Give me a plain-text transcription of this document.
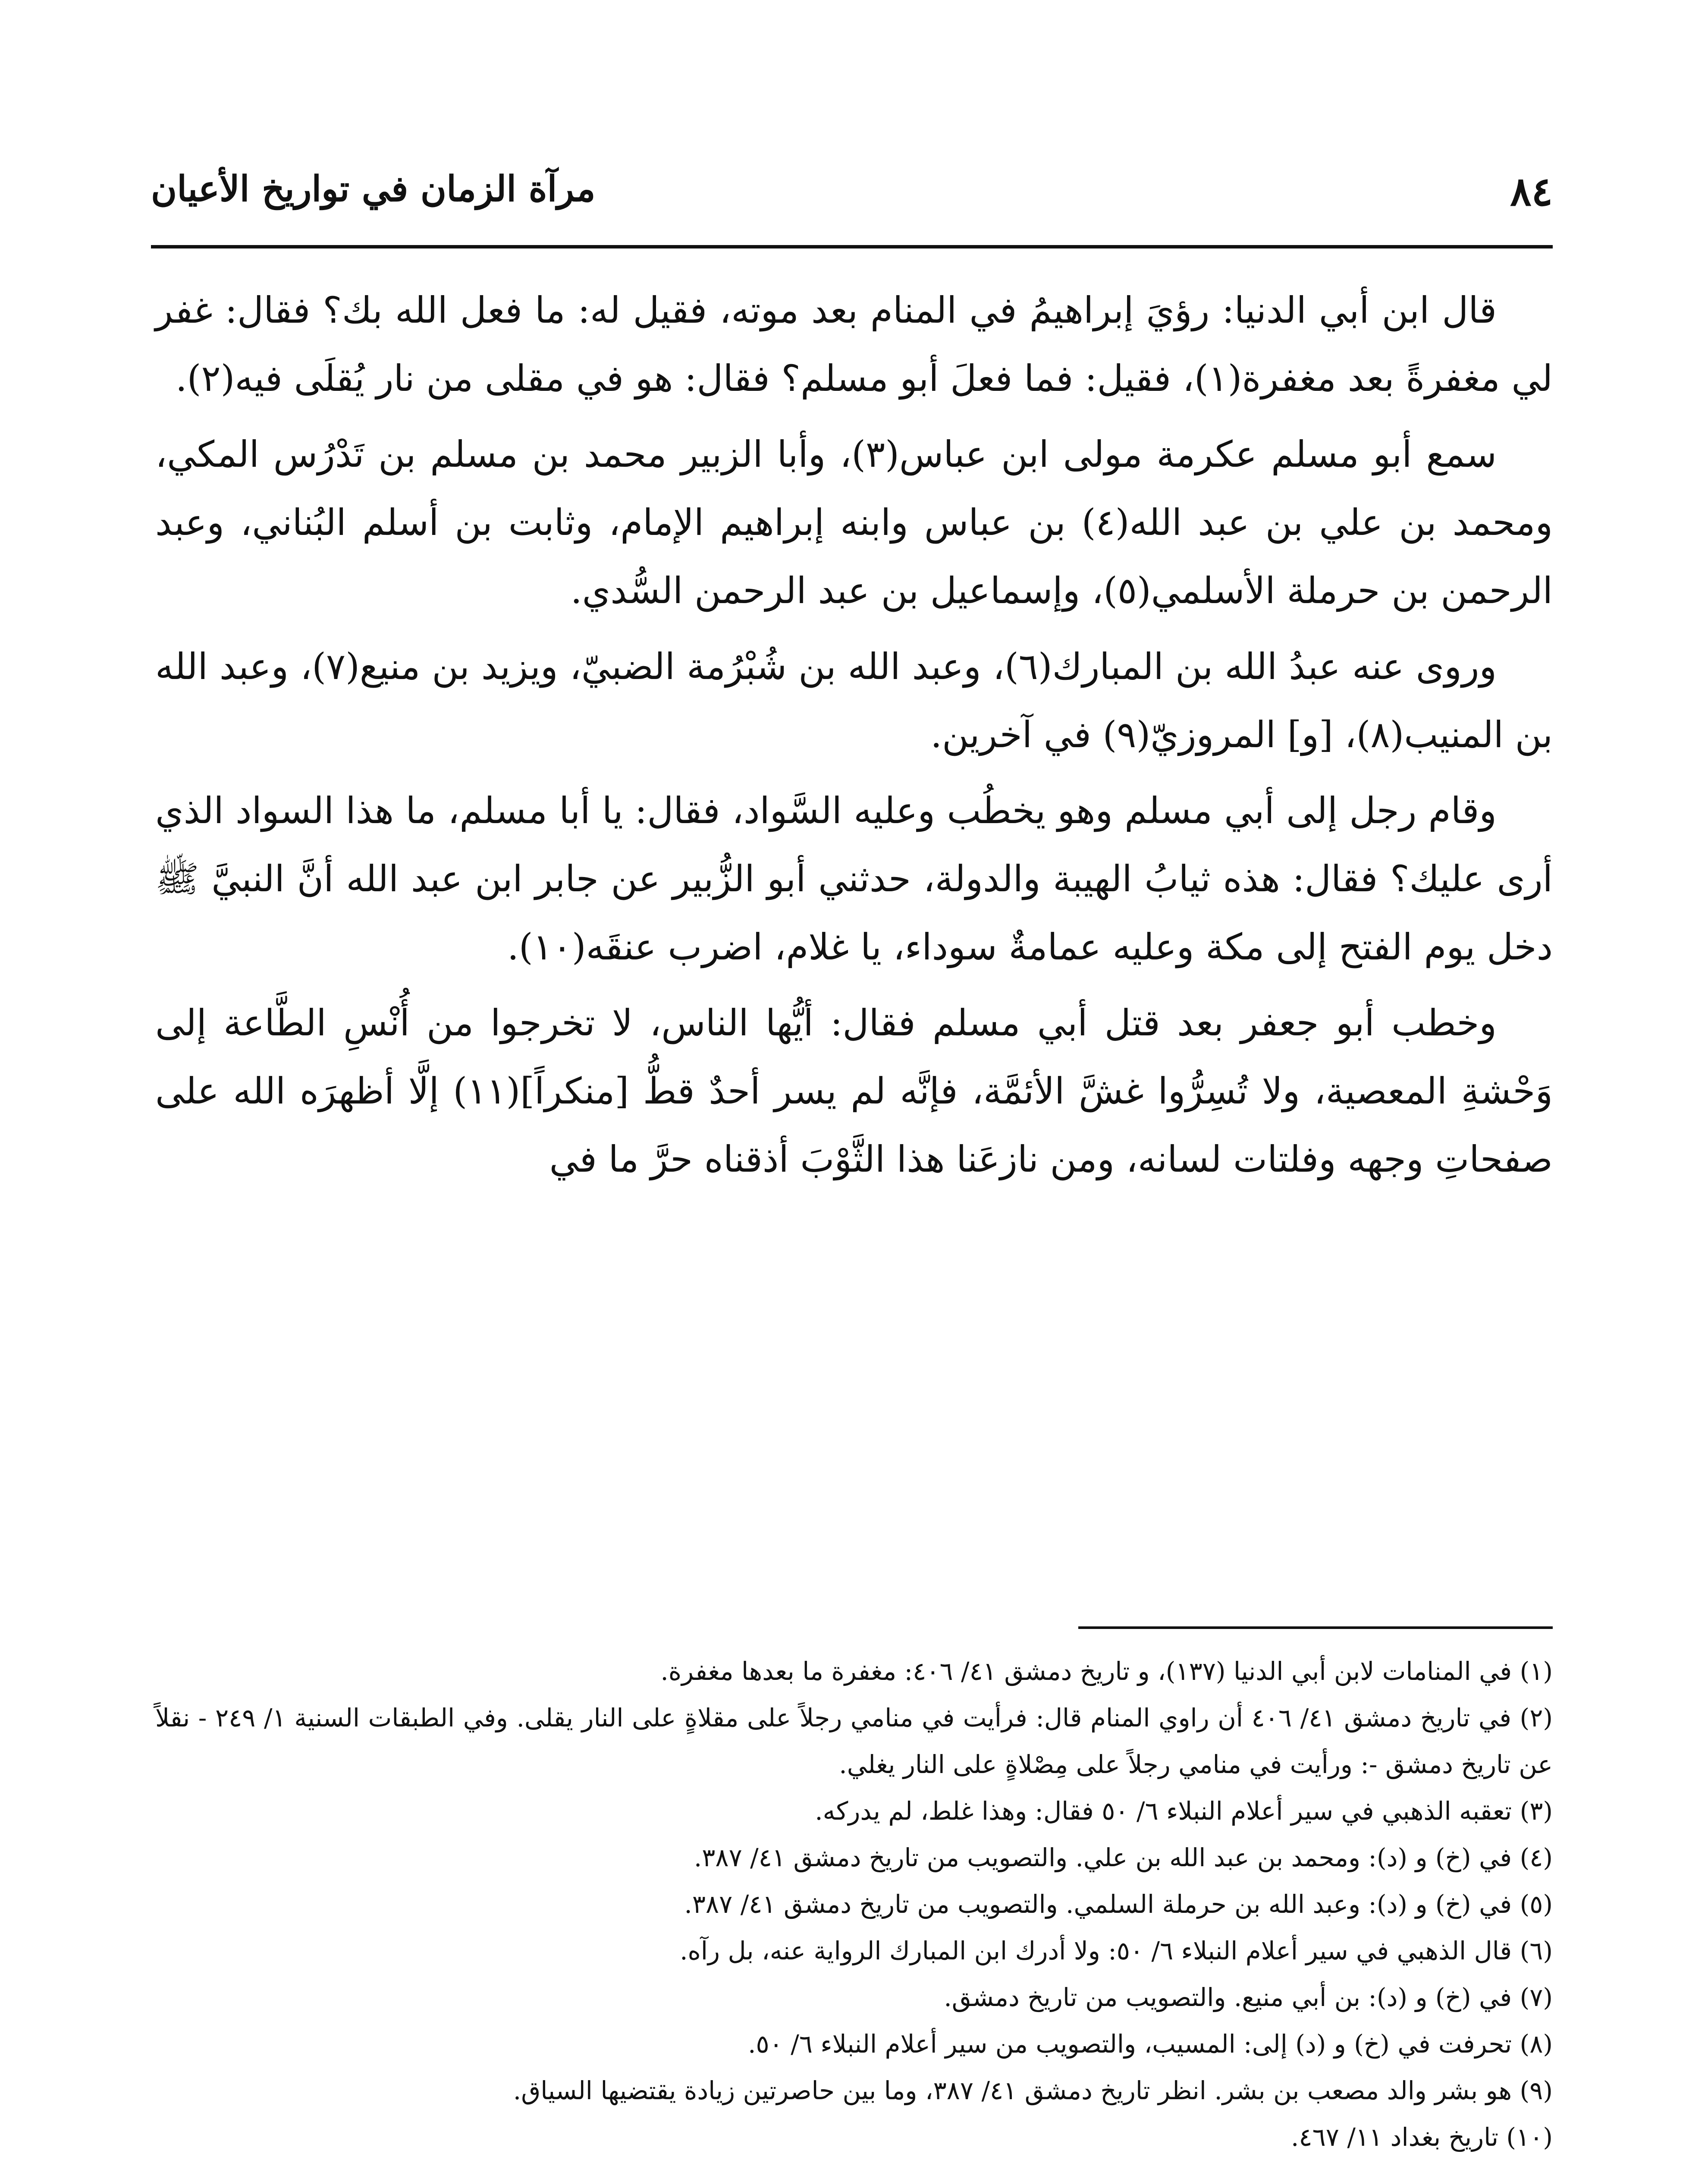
٨٤
مرآة الزمان في تواريخ الأعيان

قال ابن أبي الدنيا: رؤيَ إبراهيمُ في المنام بعد موته، فقيل له: ما فعل الله بك؟ فقال: غفر لي مغفرةً بعد مغفرة(١)، فقيل: فما فعلَ أبو مسلم؟ فقال: هو في مقلى من نار يُقلَى فيه(٢).

سمع أبو مسلم عكرمة مولى ابن عباس(٣)، وأبا الزبير محمد بن مسلم بن تَدْرُس المكي، ومحمد بن علي بن عبد الله(٤) بن عباس وابنه إبراهيم الإمام، وثابت بن أسلم البُناني، وعبد الرحمن بن حرملة الأسلمي(٥)، وإسماعيل بن عبد الرحمن السُّدي.

وروى عنه عبدُ الله بن المبارك(٦)، وعبد الله بن شُبْرُمة الضبيّ، ويزيد بن منيع(٧)، وعبد الله بن المنيب(٨)، [و] المروزيّ(٩) في آخرين.

وقام رجل إلى أبي مسلم وهو يخطُب وعليه السَّواد، فقال: يا أبا مسلم، ما هذا السواد الذي أرى عليك؟ فقال: هذه ثيابُ الهيبة والدولة، حدثني أبو الزُّبير عن جابر ابن عبد الله أنَّ النبيَّ ﷺ دخل يوم الفتح إلى مكة وعليه عمامةٌ سوداء، يا غلام، اضرب عنقَه(١٠).

وخطب أبو جعفر بعد قتل أبي مسلم فقال: أيُّها الناس، لا تخرجوا من أُنْسِ الطَّاعة إلى وَحْشةِ المعصية، ولا تُسِرُّوا غشَّ الأئمَّة، فإنَّه لم يسر أحدٌ قطُّ [منكراً](١١) إلَّا أظهرَه الله على صفحاتِ وجهه وفلتات لسانه، ومن نازعَنا هذا الثَّوْبَ أذقناه حرَّ ما في

(١) في المنامات لابن أبي الدنيا (١٣٧)، و تاريخ دمشق ٤١/ ٤٠٦: مغفرة ما بعدها مغفرة.

(٢) في تاريخ دمشق ٤١/ ٤٠٦ أن راوي المنام قال: فرأيت في منامي رجلاً على مقلاةٍ على النار يقلى. وفي الطبقات السنية ١/ ٢٤٩ - نقلاً عن تاريخ دمشق -: ورأيت في منامي رجلاً على مِصْلاةٍ على النار يغلي.

(٣) تعقبه الذهبي في سير أعلام النبلاء ٦/ ٥٠ فقال: وهذا غلط، لم يدركه.

(٤) في (خ) و (د): ومحمد بن عبد الله بن علي. والتصويب من تاريخ دمشق ٤١/ ٣٨٧.

(٥) في (خ) و (د): وعبد الله بن حرملة السلمي. والتصويب من تاريخ دمشق ٤١/ ٣٨٧.

(٦) قال الذهبي في سير أعلام النبلاء ٦/ ٥٠: ولا أدرك ابن المبارك الرواية عنه، بل رآه.

(٧) في (خ) و (د): بن أبي منيع. والتصويب من تاريخ دمشق.

(٨) تحرفت في (خ) و (د) إلى: المسيب، والتصويب من سير أعلام النبلاء ٦/ ٥٠.

(٩) هو بشر والد مصعب بن بشر. انظر تاريخ دمشق ٤١/ ٣٨٧، وما بين حاصرتين زيادة يقتضيها السياق.

(١٠) تاريخ بغداد ١١/ ٤٦٧.
